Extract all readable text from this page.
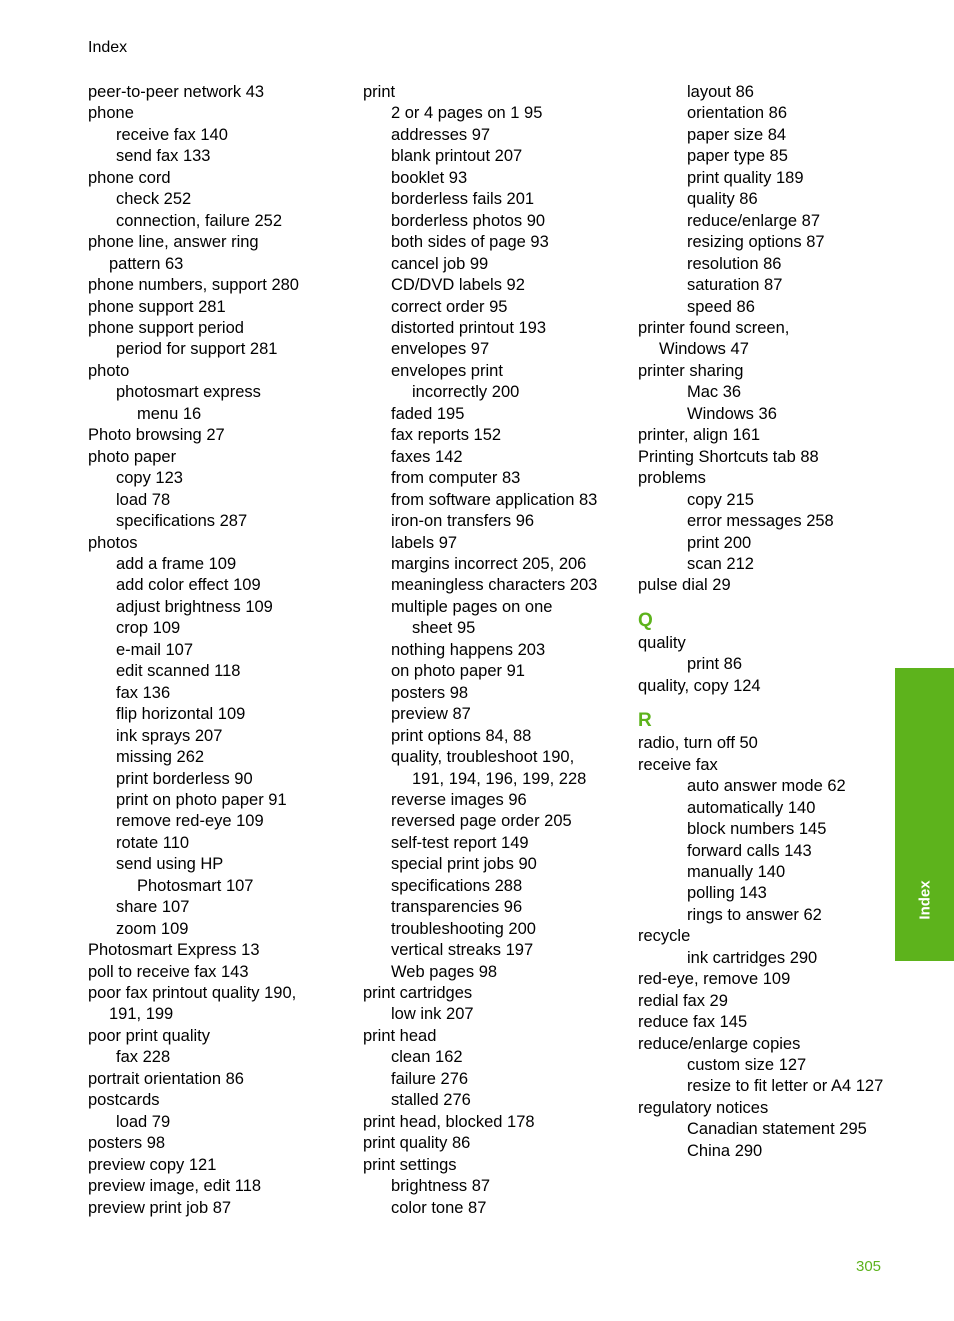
Index
peer-to-peer network 43
phone
receive fax 140
send fax 133
phone cord
check 252
connection, failure 252
phone line, answer ring
pattern 63
phone numbers, support 280
phone support 281
phone support period
period for support 281
photo
photosmart express
menu 16
Photo browsing 27
photo paper
copy 123
load 78
specifications 287
photos
add a frame 109
add color effect 109
adjust brightness 109
crop 109
e-mail 107
edit scanned 118
fax 136
flip horizontal 109
ink sprays 207
missing 262
print borderless 90
print on photo paper 91
remove red-eye 109
rotate 110
send using HP
Photosmart 107
share 107
zoom 109
Photosmart Express 13
poll to receive fax 143
poor fax printout quality 190,
191, 199
poor print quality
fax 228
portrait orientation 86
postcards
load 79
posters 98
preview copy 121
preview image, edit 118
preview print job 87
print
2 or 4 pages on 1 95
addresses 97
blank printout 207
booklet 93
borderless fails 201
borderless photos 90
both sides of page 93
cancel job 99
CD/DVD labels 92
correct order 95
distorted printout 193
envelopes 97
envelopes print
incorrectly 200
faded 195
fax reports 152
faxes 142
from computer 83
from software application 83
iron-on transfers 96
labels 97
margins incorrect 205, 206
meaningless characters 203
multiple pages on one
sheet 95
nothing happens 203
on photo paper 91
posters 98
preview 87
print options 84, 88
quality, troubleshoot 190,
191, 194, 196, 199, 228
reverse images 96
reversed page order 205
self-test report 149
special print jobs 90
specifications 288
transparencies 96
troubleshooting 200
vertical streaks 197
Web pages 98
print cartridges
low ink 207
print head
clean 162
failure 276
stalled 276
print head, blocked 178
print quality 86
print settings
brightness 87
color tone 87
layout 86
orientation 86
paper size 84
paper type 85
print quality 189
quality 86
reduce/enlarge 87
resizing options 87
resolution 86
saturation 87
speed 86
printer found screen,
Windows 47
printer sharing
Mac 36
Windows 36
printer, align 161
Printing Shortcuts tab 88
problems
copy 215
error messages 258
print 200
scan 212
pulse dial 29
Q
quality
print 86
quality, copy 124
R
radio, turn off 50
receive fax
auto answer mode 62
automatically 140
block numbers 145
forward calls 143
manually 140
polling 143
rings to answer 62
recycle
ink cartridges 290
red-eye, remove 109
redial fax 29
reduce fax 145
reduce/enlarge copies
custom size 127
resize to fit letter or A4 127
regulatory notices
Canadian statement 295
China 290
Index
305
